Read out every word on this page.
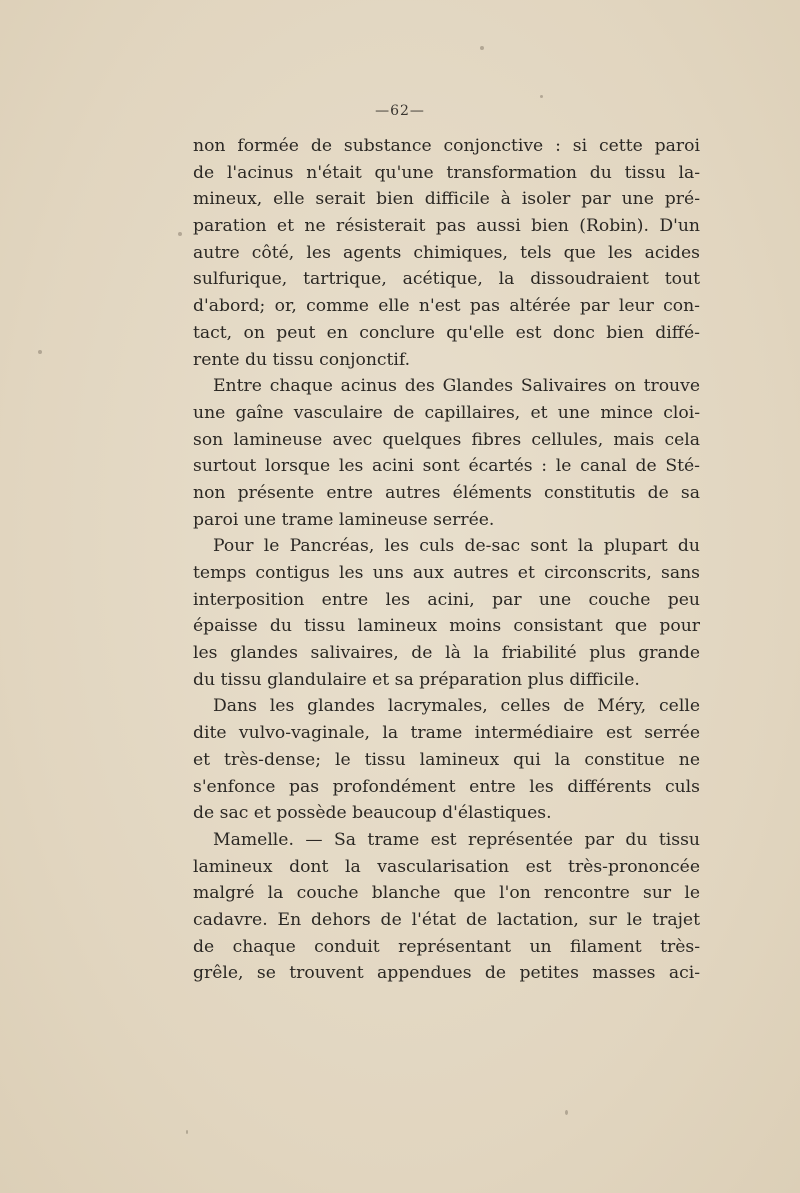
—62—

non formée de substance conjonctive : si cette paroi
de l'acinus n'était qu'une transformation du tissu la-
mineux, elle serait bien difficile à isoler par une pré-
paration et ne résisterait pas aussi bien (Robin). D'un
autre côté, les agents chimiques, tels que les acides
sulfurique, tartrique, acétique, la dissoudraient tout
d'abord; or, comme elle n'est pas altérée par leur con-
tact, on peut en conclure qu'elle est donc bien diffé-
rente du tissu conjonctif.

Entre chaque acinus des Glandes Salivaires on trouve
une gaîne vasculaire de capillaires, et une mince cloi-
son lamineuse avec quelques fibres cellules, mais cela
surtout lorsque les acini sont écartés : le canal de Sté-
non présente entre autres éléments constitutis de sa
paroi une trame lamineuse serrée.

Pour le Pancréas, les culs de-sac sont la plupart du
temps contigus les uns aux autres et circonscrits, sans
interposition entre les acini, par une couche peu
épaisse du tissu lamineux moins consistant que pour
les glandes salivaires, de là la friabilité plus grande
du tissu glandulaire et sa préparation plus difficile.

Dans les glandes lacrymales, celles de Méry, celle
dite vulvo-vaginale, la trame intermédiaire est serrée
et très-dense; le tissu lamineux qui la constitue ne
s'enfonce pas profondément entre les différents culs
de sac et possède beaucoup d'élastiques.

Mamelle. — Sa trame est représentée par du tissu
lamineux dont la vascularisation est très-prononcée
malgré la couche blanche que l'on rencontre sur le
cadavre. En dehors de l'état de lactation, sur le trajet
de chaque conduit représentant un filament très-
grêle, se trouvent appendues de petites masses aci-
